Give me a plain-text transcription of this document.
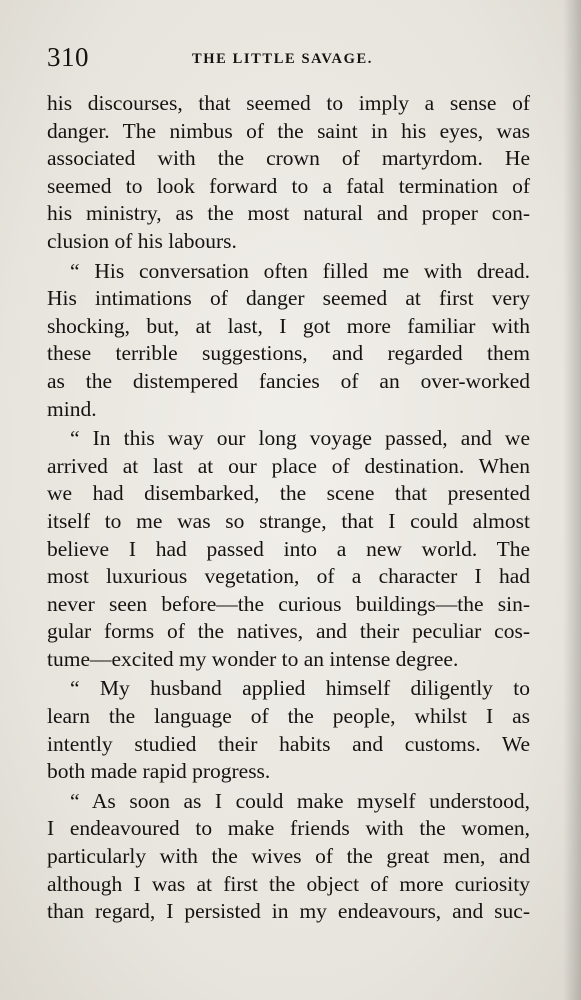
310	THE LITTLE SAVAGE.
his discourses, that seemed to imply a sense of
danger. The nimbus of the saint in his eyes, was
associated with the crown of martyrdom. He
seemed to look forward to a fatal termination of
his ministry, as the most natural and proper con-
clusion of his labours.
“ His conversation often filled me with dread.
His intimations of danger seemed at first very
shocking, but, at last, I got more familiar with
these terrible suggestions, and regarded them
as the distempered fancies of an over-worked
mind.
“ In this way our long voyage passed, and we
arrived at last at our place of destination. When
we had disembarked, the scene that presented
itself to me was so strange, that I could almost
believe I had passed into a new world. The
most luxurious vegetation, of a character I had
never seen before—the curious buildings—the sin-
gular forms of the natives, and their peculiar cos-
tume—excited my wonder to an intense degree.
“ My husband applied himself diligently to
learn the language of the people, whilst I as
intently studied their habits and customs. We
both made rapid progress.
“ As soon as I could make myself understood,
I endeavoured to make friends with the women,
particularly with the wives of the great men, and
although I was at first the object of more curiosity
than regard, I persisted in my endeavours, and suc-
